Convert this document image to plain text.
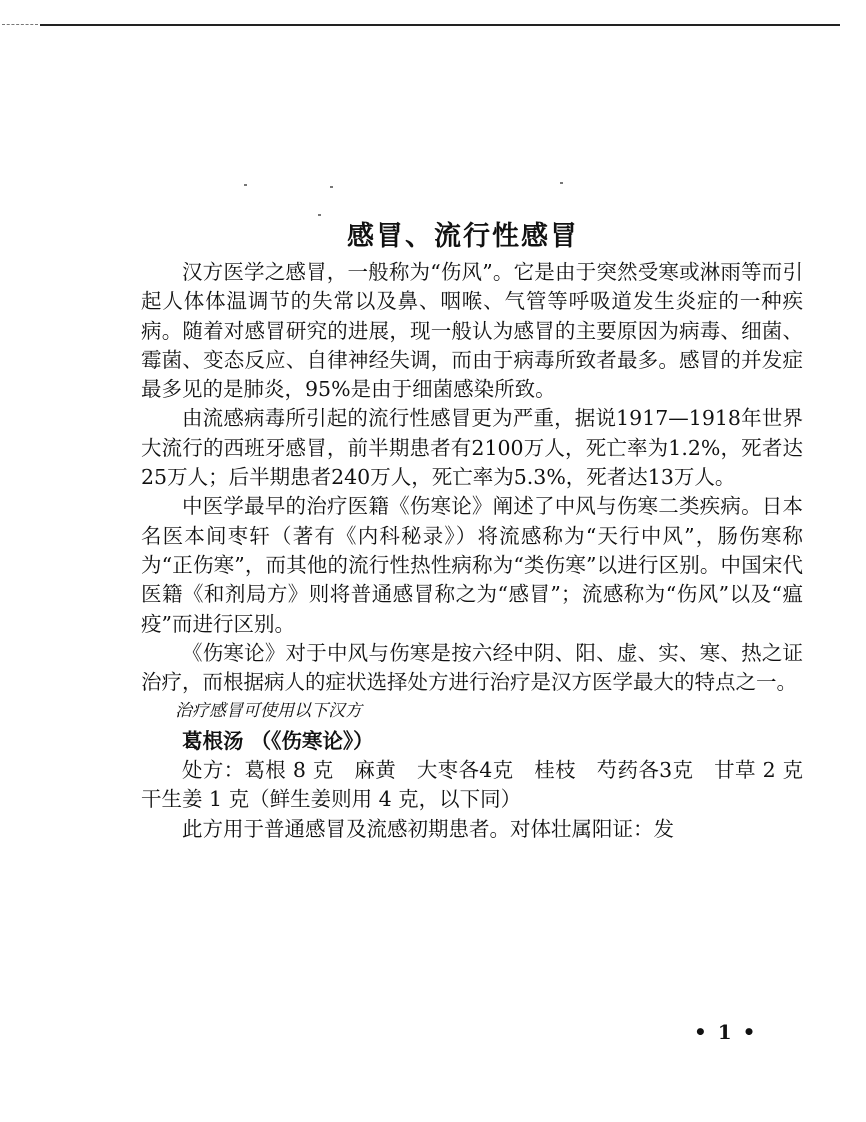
感冒、流行性感冒

汉方医学之感冒，一般称为“伤风”。它是由于突然受寒或淋雨等而引起人体体温调节的失常以及鼻、咽喉、气管等呼吸道发生炎症的一种疾病。随着对感冒研究的进展，现一般认为感冒的主要原因为病毒、细菌、霉菌、变态反应、自律神经失调，而由于病毒所致者最多。感冒的并发症最多见的是肺炎，95%是由于细菌感染所致。

由流感病毒所引起的流行性感冒更为严重，据说1917—1918年世界大流行的西班牙感冒，前半期患者有2100万人，死亡率为1.2%，死者达25万人；后半期患者240万人，死亡率为5.3%，死者达13万人。

中医学最早的治疗医籍《伤寒论》阐述了中风与伤寒二类疾病。日本名医本间枣轩（著有《内科秘录》）将流感称为“天行中风”，肠伤寒称为“正伤寒”，而其他的流行性热性病称为“类伤寒”以进行区别。中国宋代医籍《和剂局方》则将普通感冒称之为“感冒”；流感称为“伤风”以及“瘟疫”而进行区别。

《伤寒论》对于中风与伤寒是按六经中阴、阳、虚、实、寒、热之证治疗，而根据病人的症状选择处方进行治疗是汉方医学最大的特点之一。

治疗感冒可使用以下汉方

葛根汤 （《伤寒论》）

处方：葛根 8 克　麻黄　大枣各4克　桂枝　芍药各3克　甘草 2 克　干生姜 1 克（鲜生姜则用 4 克，以下同）

此方用于普通感冒及流感初期患者。对体壮属阳证：发

• 1 •
